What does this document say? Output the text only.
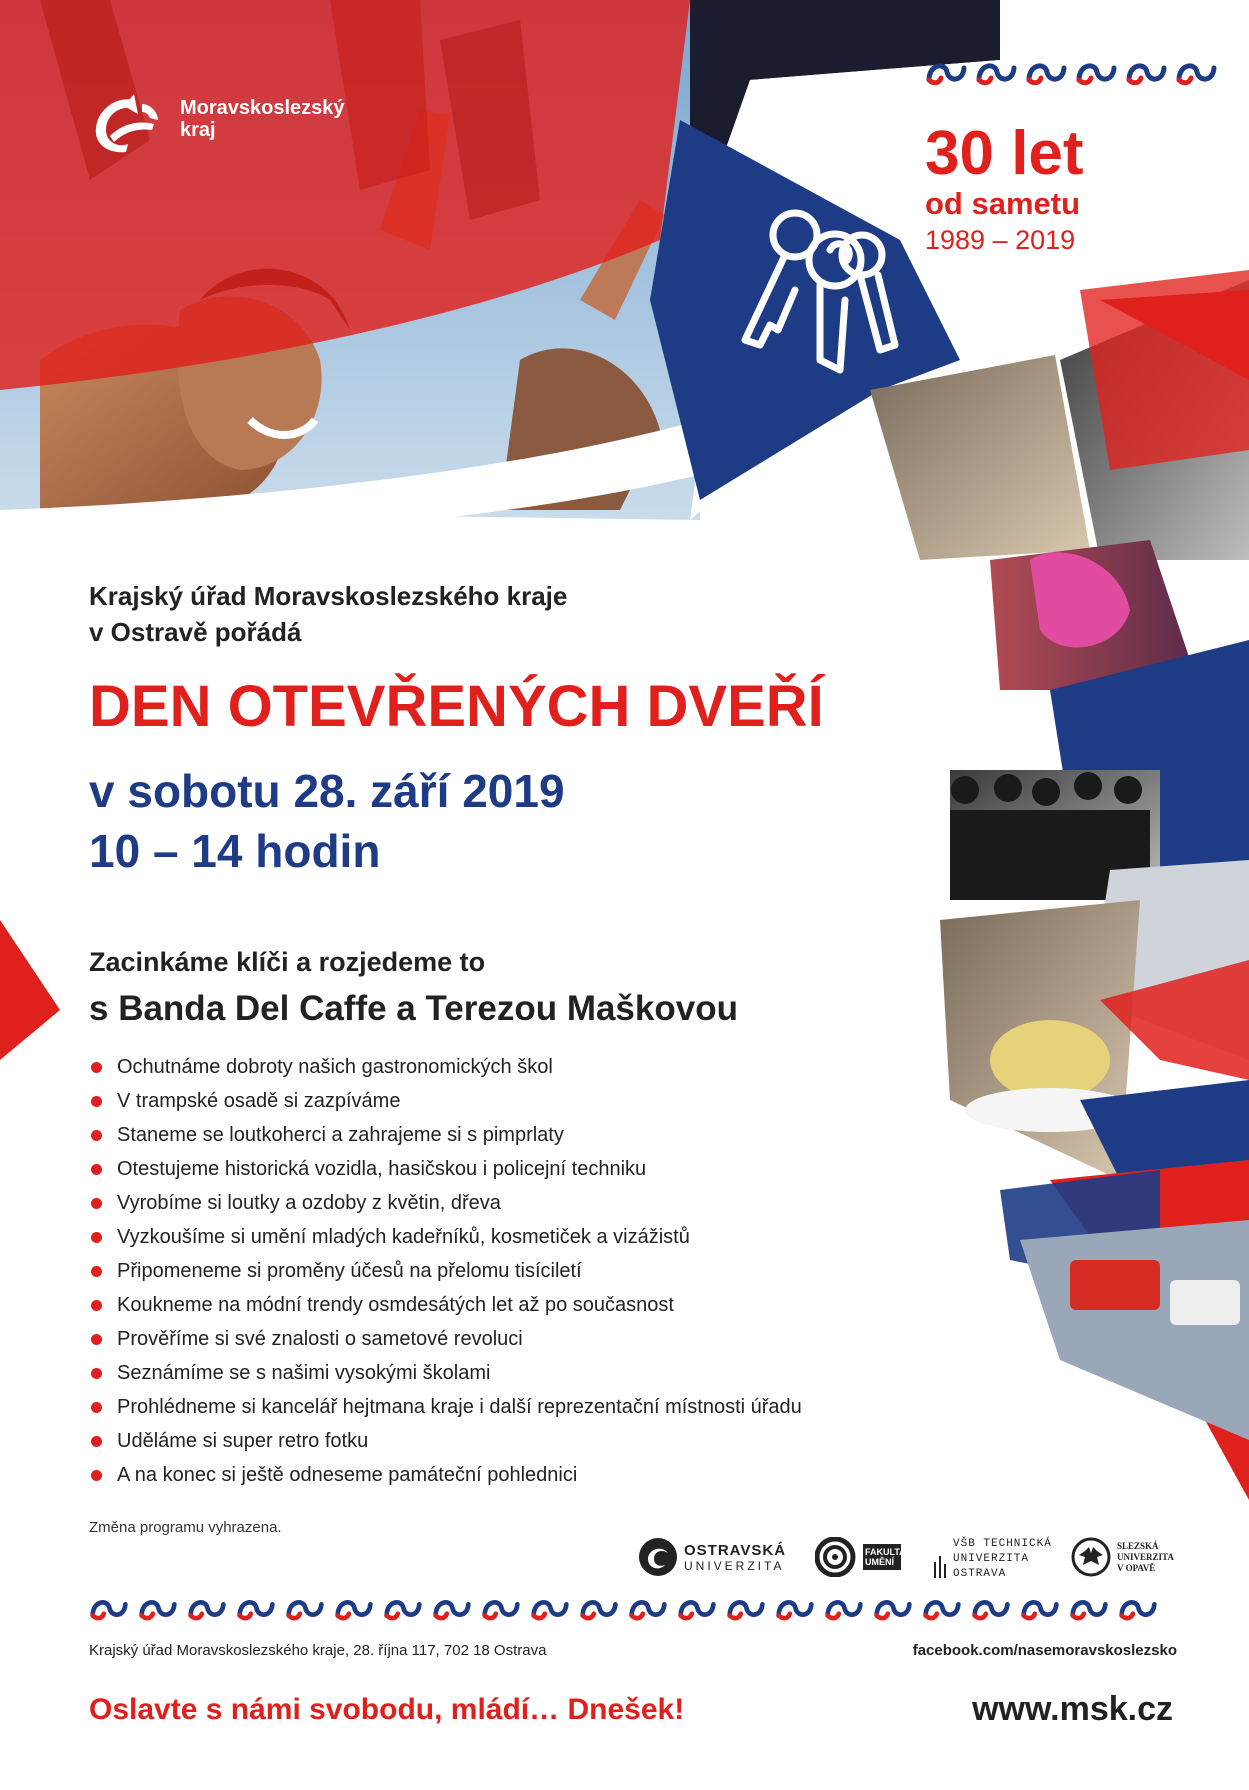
Moravskoslezský
kraj	30 let
od sametu
1989 – 2019
Krajský úřad Moravskoslezského kraje
v Ostravě pořádá
DEN OTEVŘENÝCH DVEŘÍ
v sobotu 28. září 2019
10 – 14 hodin
Zacinkáme klíči a rozjedeme to
s Banda Del Caffe a Terezou Maškovou
Ochutnáme dobroty našich gastronomických škol
V trampské osadě si zazpíváme
Staneme se loutkoherci a zahrajeme si s pimprlaty
Otestujeme historická vozidla, hasičskou i policejní techniku
Vyrobíme si loutky a ozdoby z květin, dřeva
Vyzkoušíme si umění mladých kadeřníků, kosmetiček a vizážistů
Připomeneme si proměny účesů na přelomu tisíciletí
Koukneme na módní trendy osmdesátých let až po současnost
Prověříme si své znalosti o sametové revoluci
Seznámíme se s našimi vysokými školami
Prohlédneme si kancelář hejtmana kraje i další reprezentační místnosti úřadu
Uděláme si super retro fotku
A na konec si ještě odneseme památeční pohlednici
Změna programu vyhrazena.
OSTRAVSKÁ
UNIVERZITA
FAKULTA UMĚNÍ
VŠB TECHNICKÁ
UNIVERZITA
OSTRAVA
SLEZSKÁ
UNIVERZITA
V OPAVĚ
Krajský úřad Moravskoslezského kraje, 28. října 117, 702 18 Ostrava	facebook.com/nasemoravskoslezsko
Oslavte s námi svobodu, mládí… Dnešek!	www.msk.cz
